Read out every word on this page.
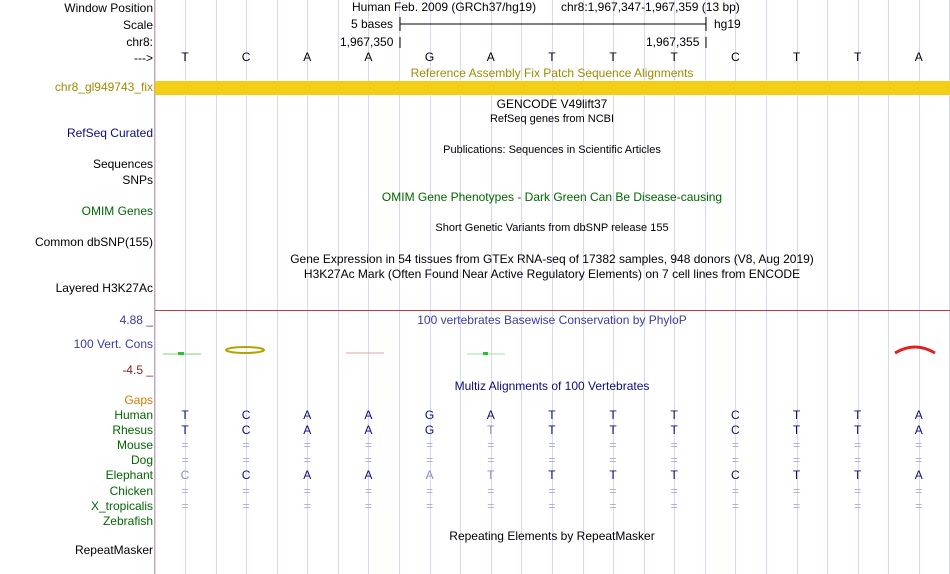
Window Position
Scale
chr8:
--->
Human Feb. 2009 (GRCh37/hg19) chr8:1,967,347-1,967,359 (13 bp)
5 bases	hg19
1,967,350	1,967,355
T	C	A	A	G	A	T	T	T	C	T	T	A
chr8_gl949743_fix
Reference Assembly Fix Patch Sequence Alignments
GENCODE V49lift37
RefSeq Curated
RefSeq genes from NCBI
Sequences
SNPs
Publications: Sequences in Scientific Articles
OMIM Gene Phenotypes - Dark Green Can Be Disease-causing
OMIM Genes
Short Genetic Variants from dbSNP release 155
Common dbSNP(155)
Gene Expression in 54 tissues from GTEx RNA-seq of 17382 samples, 948 donors (V8, Aug 2019)
H3K27Ac Mark (Often Found Near Active Regulatory Elements) on 7 cell lines from ENCODE
Layered H3K27Ac
100 vertebrates Basewise Conservation by PhyloP
4.88 _
100 Vert. Cons
-4.5 _
Multiz Alignments of 100 Vertebrates
Gaps
Human T	C	A	A	G	A	T	T	T	C	T	T	A
Rhesus T	C	A	A	G	T	T	T	T	C	T	T	A
Mouse =	=	=	=	=	=	=	=	=	=	=	=	=
Dog =	=	=	=	=	=	=	=	=	=	=	=	=
Elephant C	C	A	A	A	T	T	T	T	C	T	T	A
Chicken =	=	=	=	=	=	=	=	=	=	=	=	=
X_tropicalis =	=	=	=	=	=	=	=	=	=	=	=	=
Zebrafish
Repeating Elements by RepeatMasker
RepeatMasker
